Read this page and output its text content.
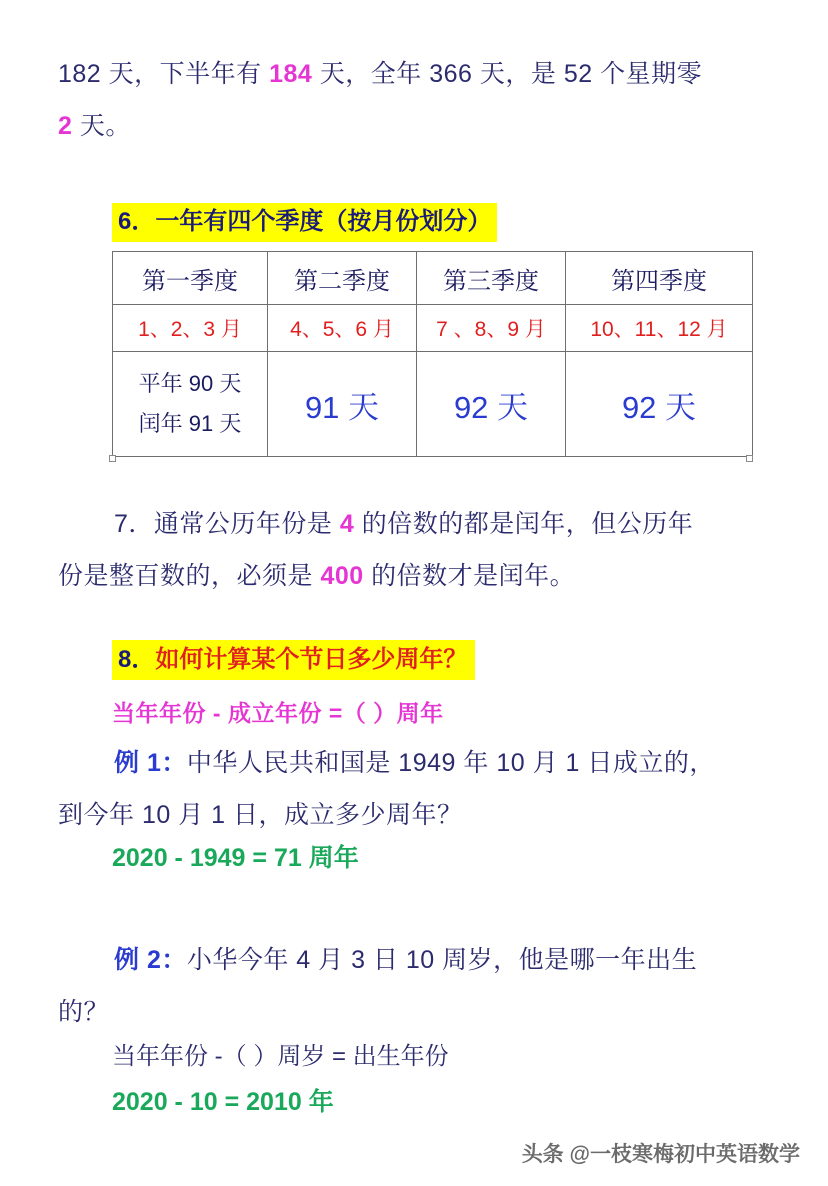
182 天，下半年有 184 天，全年 366 天，是 52 个星期零
2 天。
6．一年有四个季度（按月份划分）
第一季度	第二季度	第三季度	第四季度
1、2、3 月	4、5、6 月	7 、8、9 月	10、11、12 月

平年 90 天
闰年 91 天	91 天	92 天	92 天
7．通常公历年份是 4 的倍数的都是闰年，但公历年
份是整百数的，必须是 400 的倍数才是闰年。
8．如何计算某个节日多少周年？
当年年份 - 成立年份 =（ ）周年
例 1：中华人民共和国是 1949 年 10 月 1 日成立的，
到今年 10 月 1 日，成立多少周年？
2020 - 1949 = 71 周年
例 2：小华今年 4 月 3 日 10 周岁，他是哪一年出生
的？
当年年份 -（ ）周岁 = 出生年份
2020 - 10 = 2010 年
头条 @一枝寒梅初中英语数学
